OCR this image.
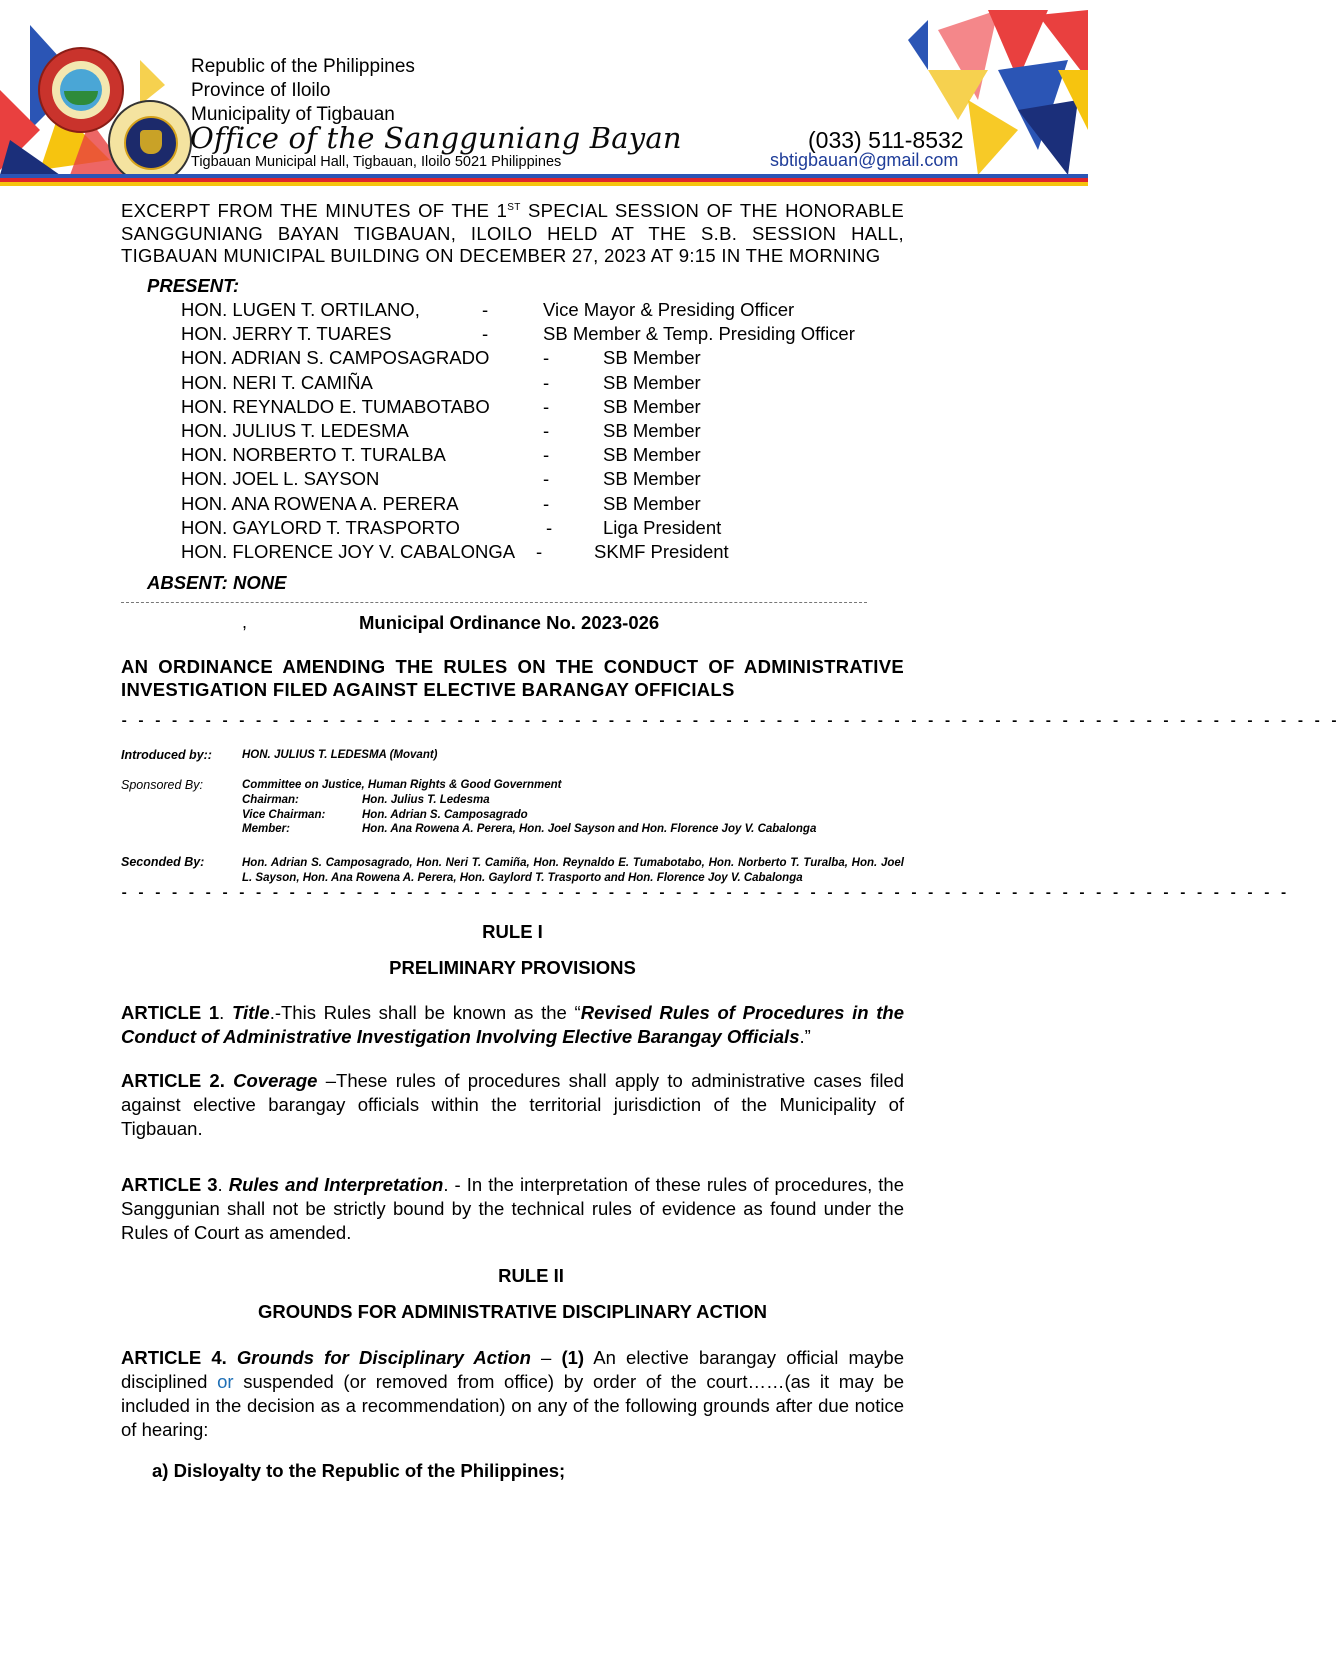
Republic of the Philippines
Province of Iloilo
Municipality of Tigbauan
Office of the Sangguniang Bayan
Tigbauan Municipal Hall, Tigbauan, Iloilo 5021 Philippines
(033) 511-8532
sbtigbauan@gmail.com
EXCERPT FROM THE MINUTES OF THE 1ST SPECIAL SESSION OF THE HONORABLE SANGGUNIANG BAYAN TIGBAUAN, ILOILO HELD AT THE S.B. SESSION HALL, TIGBAUAN MUNICIPAL BUILDING ON DECEMBER 27, 2023 AT 9:15 IN THE MORNING
PRESENT:
HON. LUGEN T. ORTILANO,	-	Vice Mayor & Presiding Officer
HON. JERRY T. TUARES	-	SB Member & Temp. Presiding Officer
HON. ADRIAN S. CAMPOSAGRADO	-	SB Member
HON. NERI T. CAMIÑA	-	SB Member
HON. REYNALDO E. TUMABOTABO	-	SB Member
HON. JULIUS T. LEDESMA	-	SB Member
HON. NORBERTO T. TURALBA	-	SB Member
HON. JOEL L. SAYSON	-	SB Member
HON. ANA ROWENA A. PERERA	-	SB Member
HON. GAYLORD T. TRASPORTO	-	Liga President
HON. FLORENCE JOY V. CABALONGA -	SKMF President
ABSENT: NONE
,	Municipal Ordinance No. 2023-026
AN ORDINANCE AMENDING THE RULES ON THE CONDUCT OF ADMINISTRATIVE INVESTIGATION FILED AGAINST ELECTIVE BARANGAY OFFICIALS
- - - - - - - - - - - - - - - - - - - - - - - - - - - - - - - - - - - - - - - - - - - - - - - - - - - - - - - - - - - - - - - - - - - - - - - - -
Introduced by::	HON. JULIUS T. LEDESMA (Movant)
Sponsored By:	Committee on Justice, Human Rights & Good Government
Chairman:	Hon. Julius T. Ledesma
Vice Chairman:	Hon. Adrian S. Camposagrado
Member:	Hon. Ana Rowena A. Perera, Hon. Joel Sayson and Hon. Florence Joy V. Cabalonga
Seconded By:	Hon. Adrian S. Camposagrado, Hon. Neri T. Camiña, Hon. Reynaldo E. Tumabotabo, Hon. Norberto T. Turalba, Hon. Joel L. Sayson, Hon. Ana Rowena A. Perera, Hon. Gaylord T. Trasporto and Hon. Florence Joy V. Cabalonga
- - - - - - - - - - - - - - - - - - - - - - - - - - - - - - - - - - - - - - - - - - - - - - - - - - - - - - - - - - - - - - - - - - - - - -
RULE I
PRELIMINARY PROVISIONS
ARTICLE 1. Title.-This Rules shall be known as the “Revised Rules of Procedures in the Conduct of Administrative Investigation Involving Elective Barangay Officials.”
ARTICLE 2. Coverage –These rules of procedures shall apply to administrative cases filed against elective barangay officials within the territorial jurisdiction of the Municipality of Tigbauan.
ARTICLE 3. Rules and Interpretation. - In the interpretation of these rules of procedures, the Sanggunian shall not be strictly bound by the technical rules of evidence as found under the Rules of Court as amended.
RULE II
GROUNDS FOR ADMINISTRATIVE DISCIPLINARY ACTION
ARTICLE 4. Grounds for Disciplinary Action – (1) An elective barangay official maybe disciplined or suspended (or removed from office) by order of the court……(as it may be included in the decision as a recommendation) on any of the following grounds after due notice of hearing:
a) Disloyalty to the Republic of the Philippines;
